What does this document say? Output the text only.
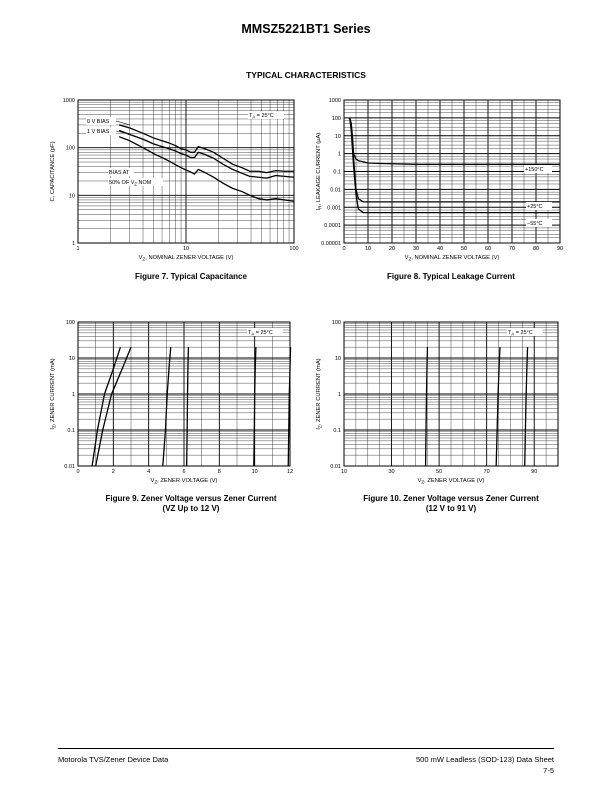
MMSZ5221BT1 Series
TYPICAL CHARACTERISTICS
1
10
100
1000
1	10	100
$V_Z$, NOMINAL ZENER VOLTAGE (V)
C, CAPACITANCE (pF)
$T_A = 25^\circ C$
0 V BIAS
1 V BIAS
BIAS AT
50% OF $V_Z$ NOM
0.00001
0.0001
0.001
0.01
0.1
1
10
100
1000
0	10	20	30	40	50	60	70	80	90
$V_Z$, NOMINAL ZENER VOLTAGE (V)
$I_R$, LEAKAGE CURRENT (μA)	+150°C
+25°C
−55°C
0.01
0.1
1
10
100
0	2	4	6	8	10	12
$V_Z$, ZENER VOLTAGE (V)
$I_Z$, ZENER CURRENT (mA)
$T_A = 25^\circ C$
0.01
0.1
1
10
100
10	30	50	70	90
$V_Z$, ZENER VOLTAGE (V)
$I_Z$, ZENER CURRENT (mA)
$T_A = 25^\circ C$
Figure 7. Typical Capacitance	Figure 8. Typical Leakage Current
Figure 9. Zener Voltage versus Zener Current
(VZ Up to 12 V)
Figure 10. Zener Voltage versus Zener Current
(12 V to 91 V)
Motorola TVS/Zener Device Data	500 mW Leadless (SOD-123) Data Sheet
7-5
